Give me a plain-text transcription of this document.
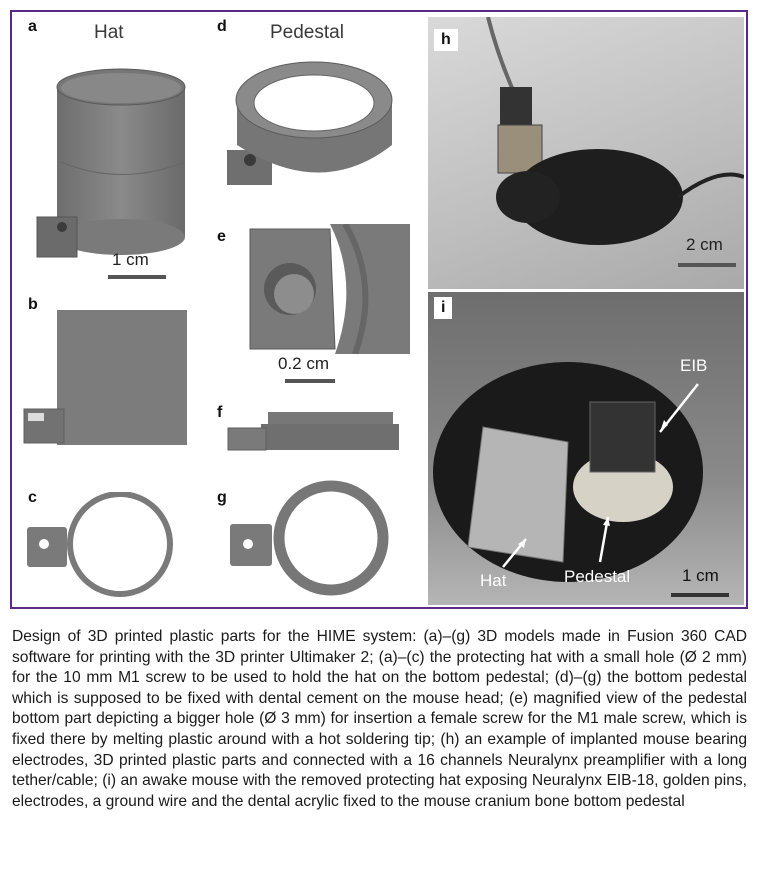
Hat	Pedestal
a
1 cm
b
c
d
e
0.2 cm
f
g
h
2 cm
i
EIB
Hat	Pedestal	1 cm
Design of 3D printed plastic parts for the HIME system: (a)–(g) 3D models made in Fusion 360 CAD software for printing with the 3D printer Ultimaker 2; (a)–(c) the protecting hat with a small hole (Ø 2 mm) for the 10 mm M1 screw to be used to hold the hat on the bottom pedestal; (d)–(g) the bottom pedestal which is supposed to be fixed with dental cement on the mouse head; (e) magnified view of the pedestal bottom part depicting a bigger hole (Ø 3 mm) for insertion a female screw for the M1 male screw, which is fixed there by melting plastic around with a hot soldering tip; (h) an example of implanted mouse bearing electrodes, 3D printed plastic parts and connected with a 16 channels Neuralynx preamplifier with a long tether/cable; (i) an awake mouse with the removed protecting hat exposing Neuralynx EIB-18, golden pins, electrodes, a ground wire and the dental acrylic fixed to the mouse cranium bone bottom pedestal
